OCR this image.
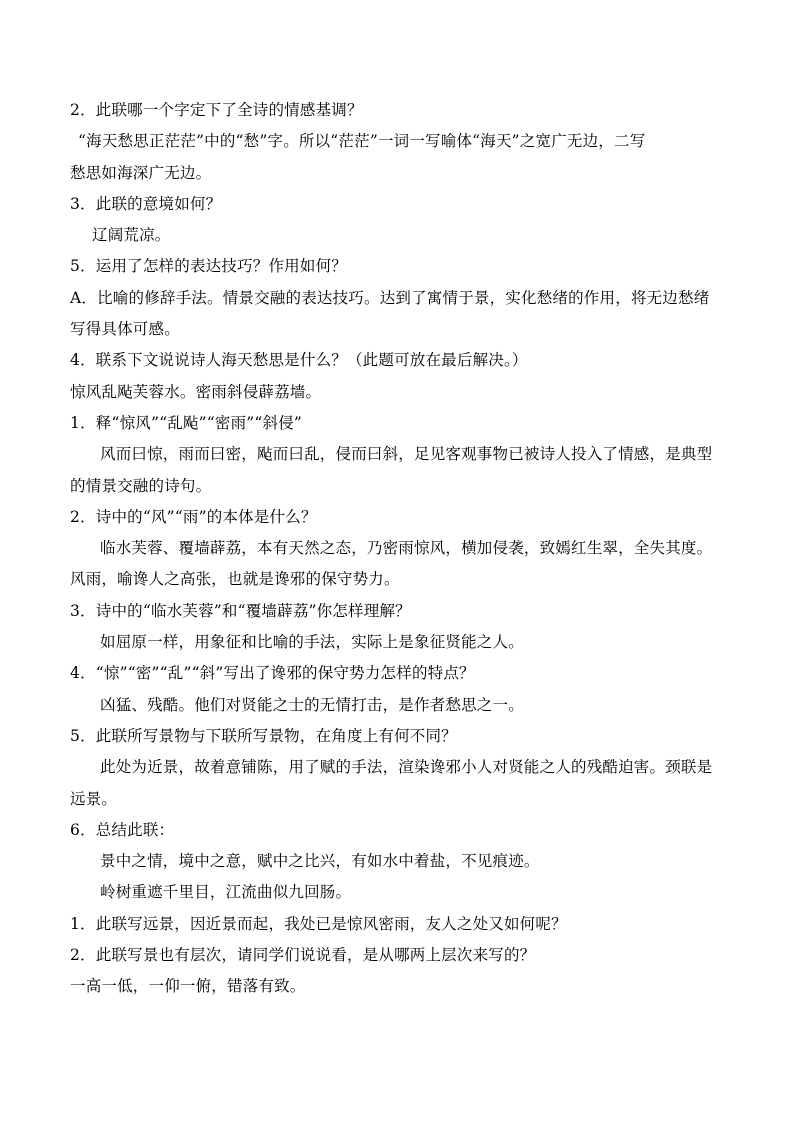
2．此联哪一个字定下了全诗的情感基调？
“海天愁思正茫茫”中的“愁”字。所以“茫茫”一词一写喻体“海天”之宽广无边，二写
愁思如海深广无边。
3．此联的意境如何？
辽阔荒凉。
5．运用了怎样的表达技巧？作用如何？
A．比喻的修辞手法。情景交融的表达技巧。达到了寓情于景，实化愁绪的作用，将无边愁绪
写得具体可感。
4．联系下文说说诗人海天愁思是什么？（此题可放在最后解决。）
惊风乱飐芙蓉水。密雨斜侵薜荔墙。
1．释“惊风”“乱飐”“密雨”“斜侵”
风而曰惊，雨而曰密，飐而曰乱，侵而曰斜，足见客观事物已被诗人投入了情感，是典型
的情景交融的诗句。
2．诗中的“风”“雨”的本体是什么？
临水芙蓉、覆墙薜荔，本有天然之态，乃密雨惊风，横加侵袭，致嫣红生翠，全失其度。
风雨，喻谗人之高张，也就是谗邪的保守势力。
3．诗中的“临水芙蓉”和“覆墙薜荔”你怎样理解？
如屈原一样，用象征和比喻的手法，实际上是象征贤能之人。
4．“惊”“密”“乱”“斜”写出了谗邪的保守势力怎样的特点？
凶猛、残酷。他们对贤能之士的无情打击，是作者愁思之一。
5．此联所写景物与下联所写景物，在角度上有何不同？
此处为近景，故着意铺陈，用了赋的手法，渲染谗邪小人对贤能之人的残酷迫害。颈联是
远景。
6．总结此联：
景中之情，境中之意，赋中之比兴，有如水中着盐，不见痕迹。
岭树重遮千里目，江流曲似九回肠。
1．此联写远景，因近景而起，我处已是惊风密雨，友人之处又如何呢？
2．此联写景也有层次，请同学们说说看，是从哪两上层次来写的？
一高一低，一仰一俯，错落有致。
